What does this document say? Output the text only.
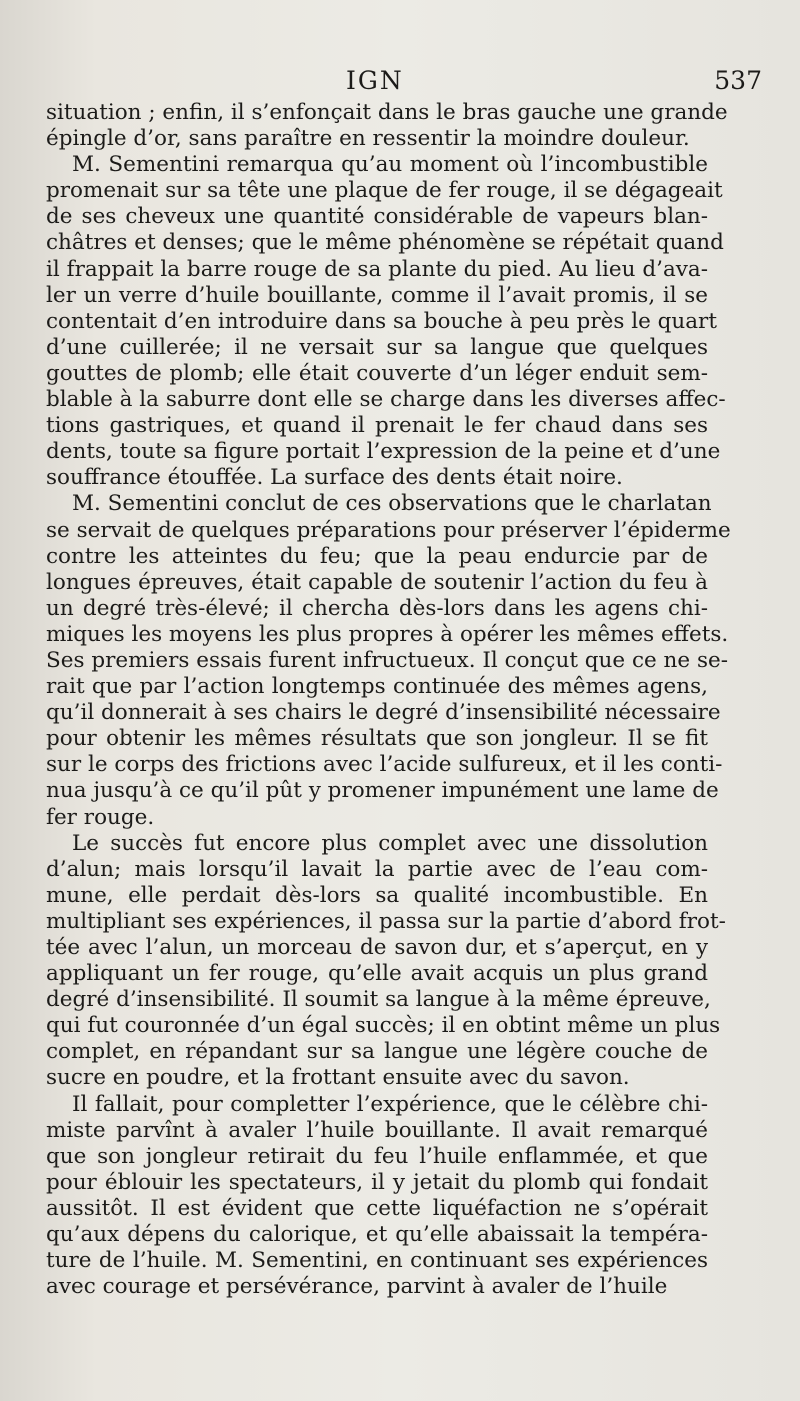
IGN	537
situation ; enfin, il s’enfonçait dans le bras gauche une grande
épingle d’or, sans paraître en ressentir la moindre douleur.
M. Sementini remarqua qu’au moment où l’incombustible
promenait sur sa tête une plaque de fer rouge, il se dégageait
de ses cheveux une quantité considérable de vapeurs blan-
châtres et denses; que le même phénomène se répétait quand
il frappait la barre rouge de sa plante du pied. Au lieu d’ava-
ler un verre d’huile bouillante, comme il l’avait promis, il se
contentait d’en introduire dans sa bouche à peu près le quart
d’une cuillerée; il ne versait sur sa langue que quelques
gouttes de plomb; elle était couverte d’un léger enduit sem-
blable à la saburre dont elle se charge dans les diverses affec-
tions gastriques, et quand il prenait le fer chaud dans ses
dents, toute sa figure portait l’expression de la peine et d’une
souffrance étouffée. La surface des dents était noire.
M. Sementini conclut de ces observations que le charlatan
se servait de quelques préparations pour préserver l’épiderme
contre les atteintes du feu; que la peau endurcie par de
longues épreuves, était capable de soutenir l’action du feu à
un degré très-élevé; il chercha dès-lors dans les agens chi-
miques les moyens les plus propres à opérer les mêmes effets.
Ses premiers essais furent infructueux. Il conçut que ce ne se-
rait que par l’action longtemps continuée des mêmes agens,
qu’il donnerait à ses chairs le degré d’insensibilité nécessaire
pour obtenir les mêmes résultats que son jongleur. Il se fit
sur le corps des frictions avec l’acide sulfureux, et il les conti-
nua jusqu’à ce qu’il pût y promener impunément une lame de
fer rouge.
Le succès fut encore plus complet avec une dissolution
d’alun; mais lorsqu’il lavait la partie avec de l’eau com-
mune, elle perdait dès-lors sa qualité incombustible. En
multipliant ses expériences, il passa sur la partie d’abord frot-
tée avec l’alun, un morceau de savon dur, et s’aperçut, en y
appliquant un fer rouge, qu’elle avait acquis un plus grand
degré d’insensibilité. Il soumit sa langue à la même épreuve,
qui fut couronnée d’un égal succès; il en obtint même un plus
complet, en répandant sur sa langue une légère couche de
sucre en poudre, et la frottant ensuite avec du savon.
Il fallait, pour completter l’expérience, que le célèbre chi-
miste parvînt à avaler l’huile bouillante. Il avait remarqué
que son jongleur retirait du feu l’huile enflammée, et que
pour éblouir les spectateurs, il y jetait du plomb qui fondait
aussitôt. Il est évident que cette liquéfaction ne s’opérait
qu’aux dépens du calorique, et qu’elle abaissait la tempéra-
ture de l’huile. M. Sementini, en continuant ses expériences
avec courage et persévérance, parvint à avaler de l’huile
